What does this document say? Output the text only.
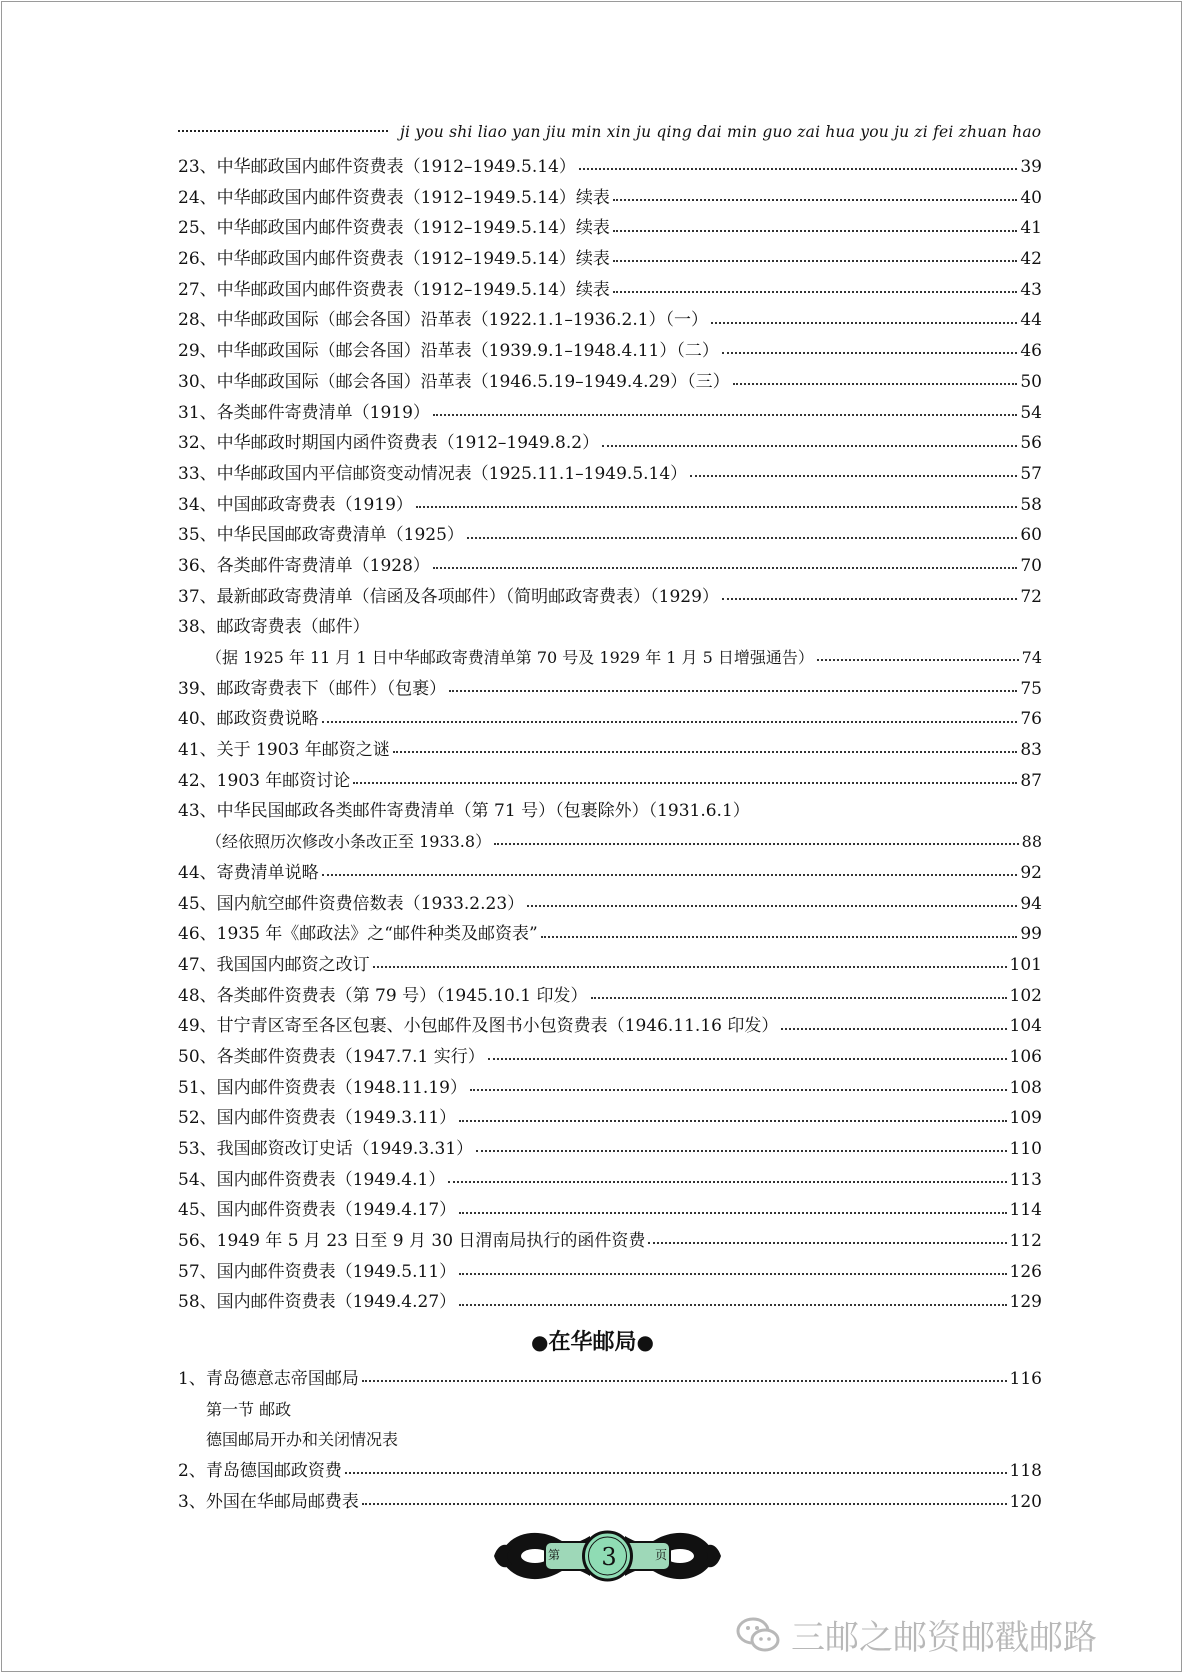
ji you shi liao yan jiu min xin ju qing dai min guo zai hua you ju zi fei zhuan hao
23、中华邮政国内邮件资费表（1912–1949.5.14）	39
24、中华邮政国内邮件资费表（1912–1949.5.14）续表	40
25、中华邮政国内邮件资费表（1912–1949.5.14）续表	41
26、中华邮政国内邮件资费表（1912–1949.5.14）续表	42
27、中华邮政国内邮件资费表（1912–1949.5.14）续表	43
28、中华邮政国际（邮会各国）沿革表（1922.1.1–1936.2.1）（一）	44
29、中华邮政国际（邮会各国）沿革表（1939.9.1–1948.4.11）（二）	46
30、中华邮政国际（邮会各国）沿革表（1946.5.19–1949.4.29）（三）	50
31、各类邮件寄费清单（1919）	54
32、中华邮政时期国内函件资费表（1912–1949.8.2）	56
33、中华邮政国内平信邮资变动情况表（1925.11.1–1949.5.14）	57
34、中国邮政寄费表（1919）	58
35、中华民国邮政寄费清单（1925）	60
36、各类邮件寄费清单（1928）	70
37、最新邮政寄费清单（信函及各项邮件）（简明邮政寄费表）（1929）	72
38、邮政寄费表（邮件）
（据 1925 年 11 月 1 日中华邮政寄费清单第 70 号及 1929 年 1 月 5 日增强通告）	74
39、邮政寄费表下（邮件）（包裹）	75
40、邮政资费说略	76
41、关于 1903 年邮资之谜	83
42、1903 年邮资讨论	87
43、中华民国邮政各类邮件寄费清单（第 71 号）（包裹除外）（1931.6.1）
（经依照历次修改小条改正至 1933.8）	88
44、寄费清单说略	92
45、国内航空邮件资费倍数表（1933.2.23）	94
46、1935 年《邮政法》之“邮件种类及邮资表”	99
47、我国国内邮资之改订	101
48、各类邮件资费表（第 79 号）（1945.10.1 印发）	102
49、甘宁青区寄至各区包裹、小包邮件及图书小包资费表（1946.11.16 印发）	104
50、各类邮件资费表（1947.7.1 实行）	106
51、国内邮件资费表（1948.11.19）	108
52、国内邮件资费表（1949.3.11）	109
53、我国邮资改订史话（1949.3.31）	110
54、国内邮件资费表（1949.4.1）	113
45、国内邮件资费表（1949.4.17）	114
56、1949 年 5 月 23 日至 9 月 30 日渭南局执行的函件资费	112
57、国内邮件资费表（1949.5.11）	126
58、国内邮件资费表（1949.4.27）	129
●在华邮局●
1、青岛德意志帝国邮局	116
第一节 邮政
德国邮局开办和关闭情况表
2、青岛德国邮政资费	118
3、外国在华邮局邮费表	120
第	页
3
三邮之邮资邮戳邮路
